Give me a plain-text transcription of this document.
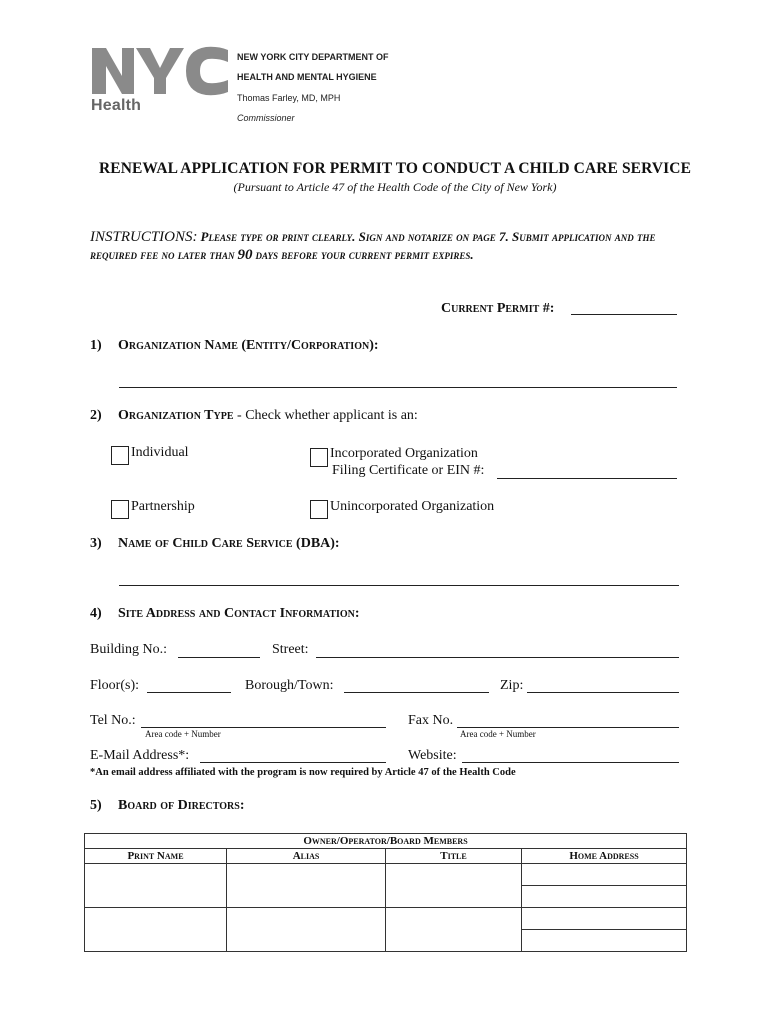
Health
NEW YORK CITY DEPARTMENT OF
HEALTH AND MENTAL HYGIENE
Thomas Farley, MD, MPH
Commissioner
RENEWAL APPLICATION FOR PERMIT TO CONDUCT A CHILD CARE SERVICE
(Pursuant to Article 47 of the Health Code of the City of New York)
INSTRUCTIONS: Please type or print clearly. Sign and notarize on page 7. Submit application and the required fee no later than 90 days before your current permit expires.
Current Permit #:
1) Organization Name (Entity/Corporation):
2) Organization Type - Check whether applicant is an:
Individual	Incorporated Organization
Filing Certificate or EIN #:
Partnership	Unincorporated Organization
3) Name of Child Care Service (DBA):
4) Site Address and Contact Information:
Building No.:	Street:
Floor(s):	Borough/Town:	Zip:
Tel No.:
Area code + Number
Fax No.
Area code + Number
E-Mail Address*:	Website:
*An email address affiliated with the program is now required by Article 47 of the Health Code
5) Board of Directors:
Owner/Operator/Board Members			
Print Name	Alias	Title	Home Address
